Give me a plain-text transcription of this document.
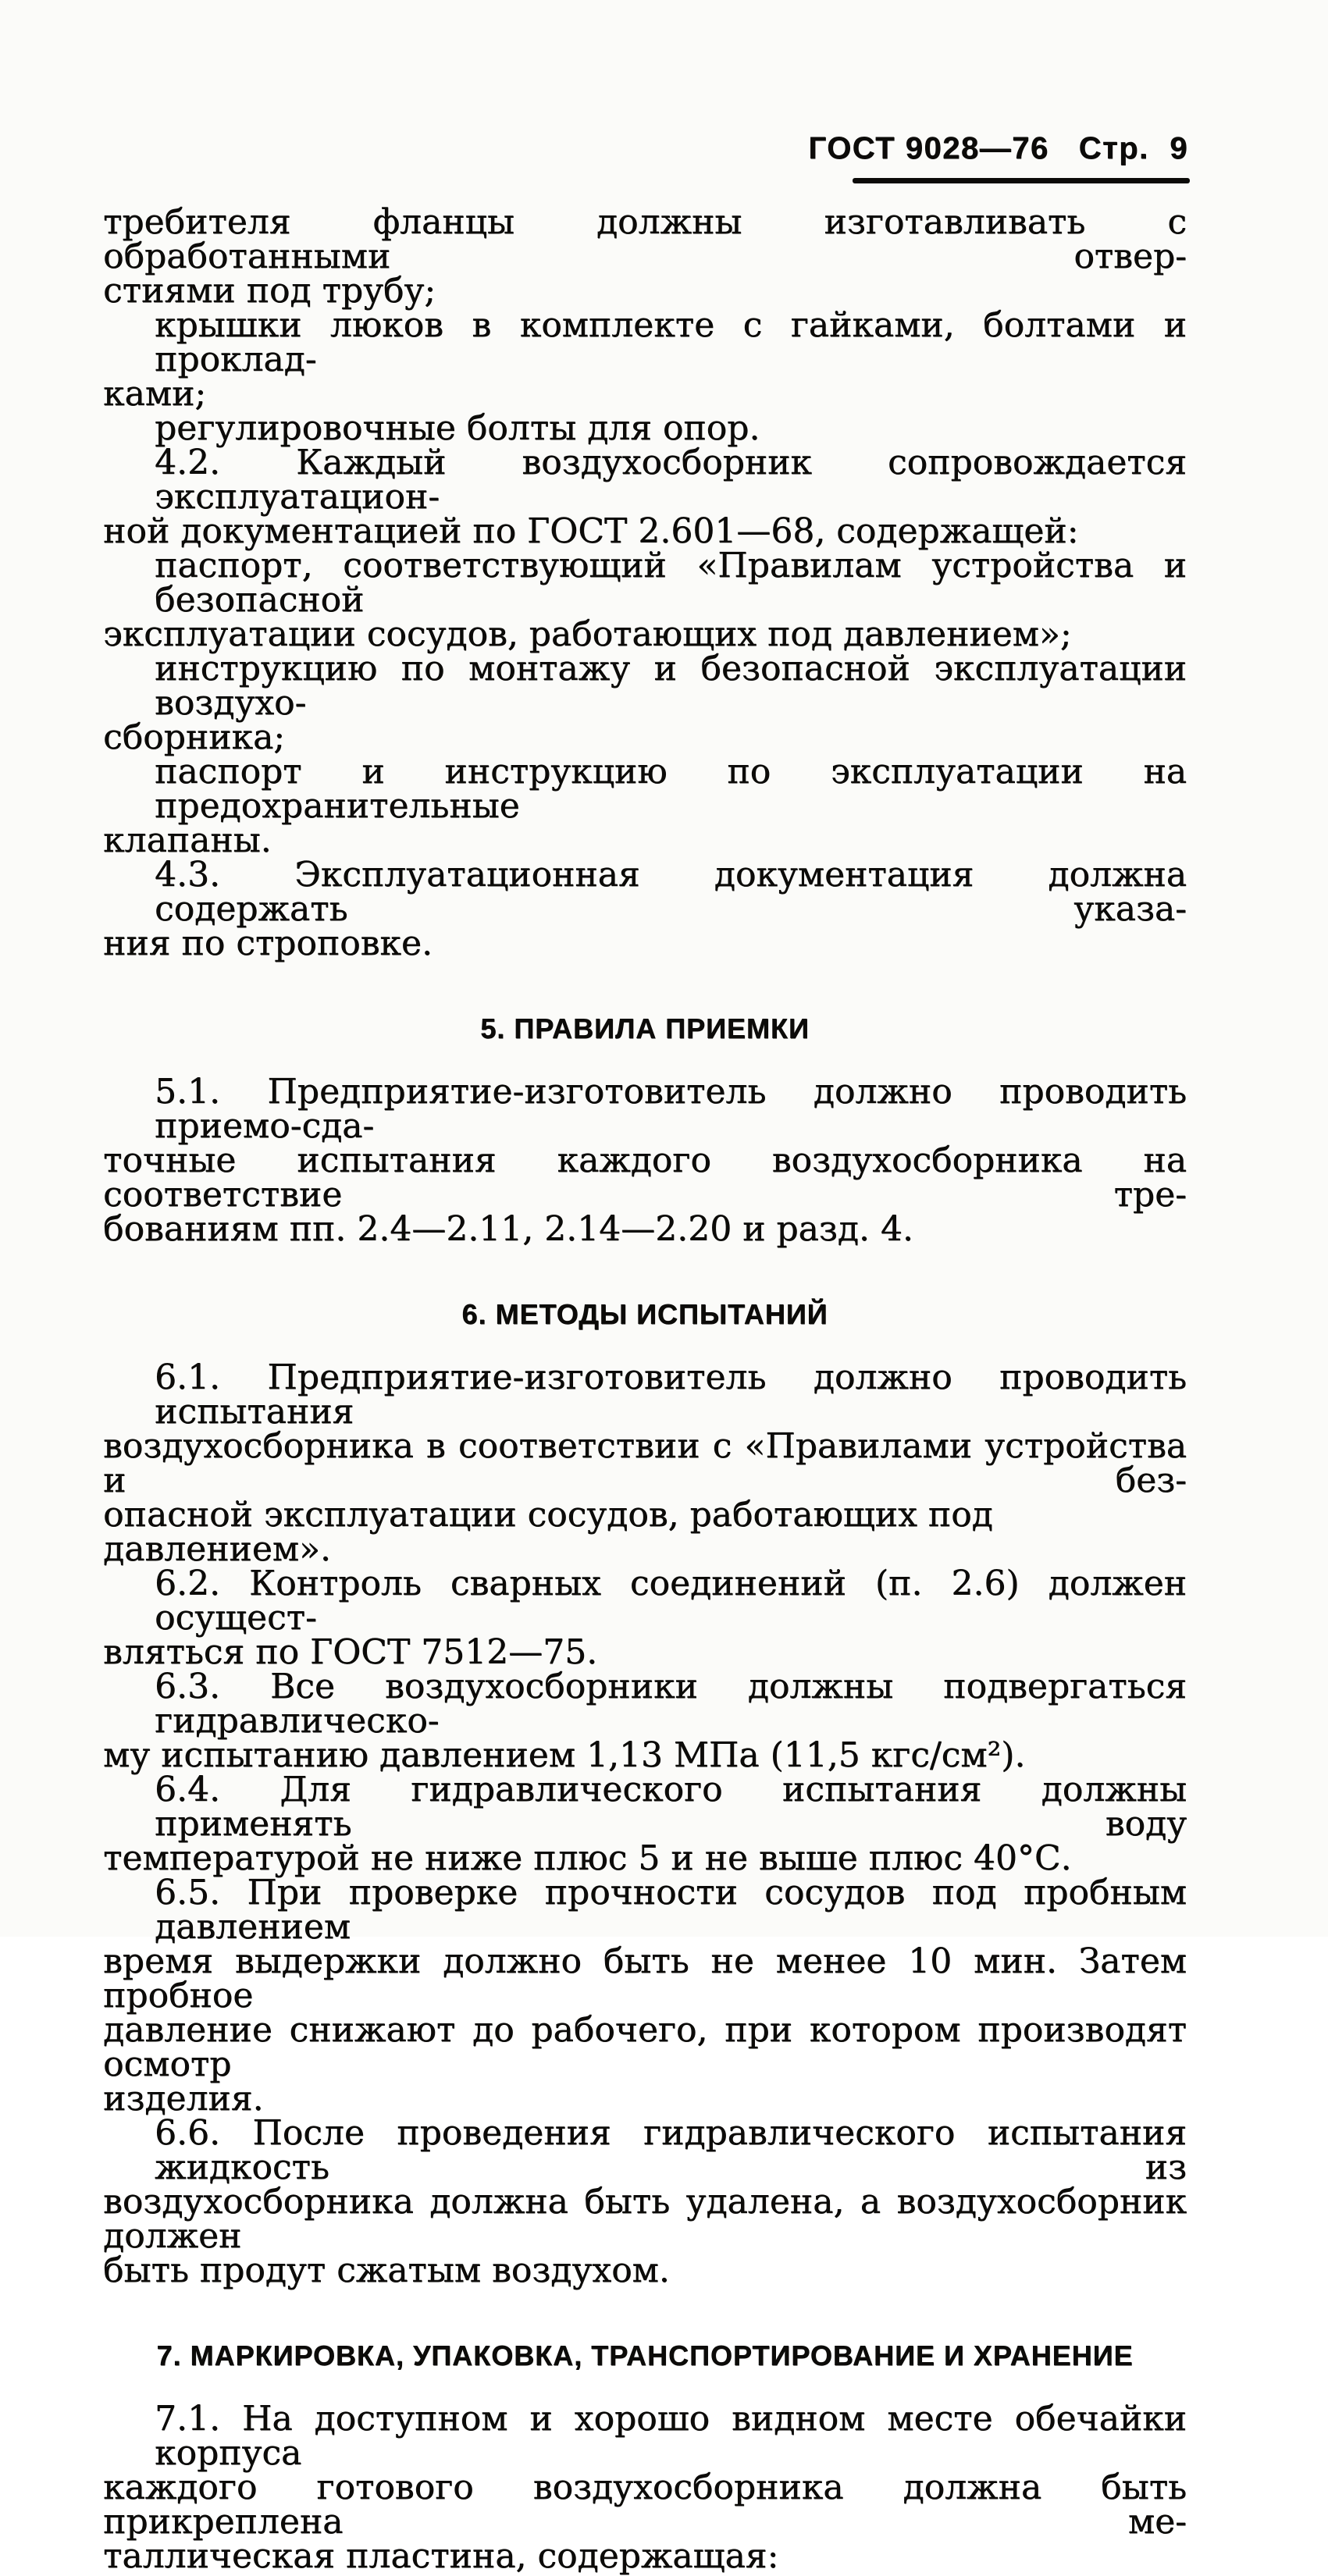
ГОСТ 9028—76 Стр. 9
требителя фланцы должны изготавливать с обработанными отвер-
стиями под трубу;
крышки люков в комплекте с гайками, болтами и проклад-
ками;
регулировочные болты для опор.
4.2. Каждый воздухосборник сопровождается эксплуатацион-
ной документацией по ГОСТ 2.601—68, содержащей:
паспорт, соответствующий «Правилам устройства и безопасной
эксплуатации сосудов, работающих под давлением»;
инструкцию по монтажу и безопасной эксплуатации воздухо-
сборника;
паспорт и инструкцию по эксплуатации на предохранительные
клапаны.
4.3. Эксплуатационная документация должна содержать указа-
ния по строповке.
5. ПРАВИЛА ПРИЕМКИ
5.1. Предприятие-изготовитель должно проводить приемо-сда-
точные испытания каждого воздухосборника на соответствие тре-
бованиям пп. 2.4—2.11, 2.14—2.20 и разд. 4.
6. МЕТОДЫ ИСПЫТАНИЙ
6.1. Предприятие-изготовитель должно проводить испытания
воздухосборника в соответствии с «Правилами устройства и без-
опасной эксплуатации сосудов, работающих под давлением».
6.2. Контроль сварных соединений (п. 2.6) должен осущест-
вляться по ГОСТ 7512—75.
6.3. Все воздухосборники должны подвергаться гидравлическо-
му испытанию давлением 1,13 МПа (11,5 кгс/см²).
6.4. Для гидравлического испытания должны применять воду
температурой не ниже плюс 5 и не выше плюс 40°С.
6.5. При проверке прочности сосудов под пробным давлением
время выдержки должно быть не менее 10 мин. Затем пробное
давление снижают до рабочего, при котором производят осмотр
изделия.
6.6. После проведения гидравлического испытания жидкость из
воздухосборника должна быть удалена, а воздухосборник должен
быть продут сжатым воздухом.
7. МАРКИРОВКА, УПАКОВКА, ТРАНСПОРТИРОВАНИЕ И ХРАНЕНИЕ
7.1. На доступном и хорошо видном месте обечайки корпуса
каждого готового воздухосборника должна быть прикреплена ме-
таллическая пластина, содержащая:
